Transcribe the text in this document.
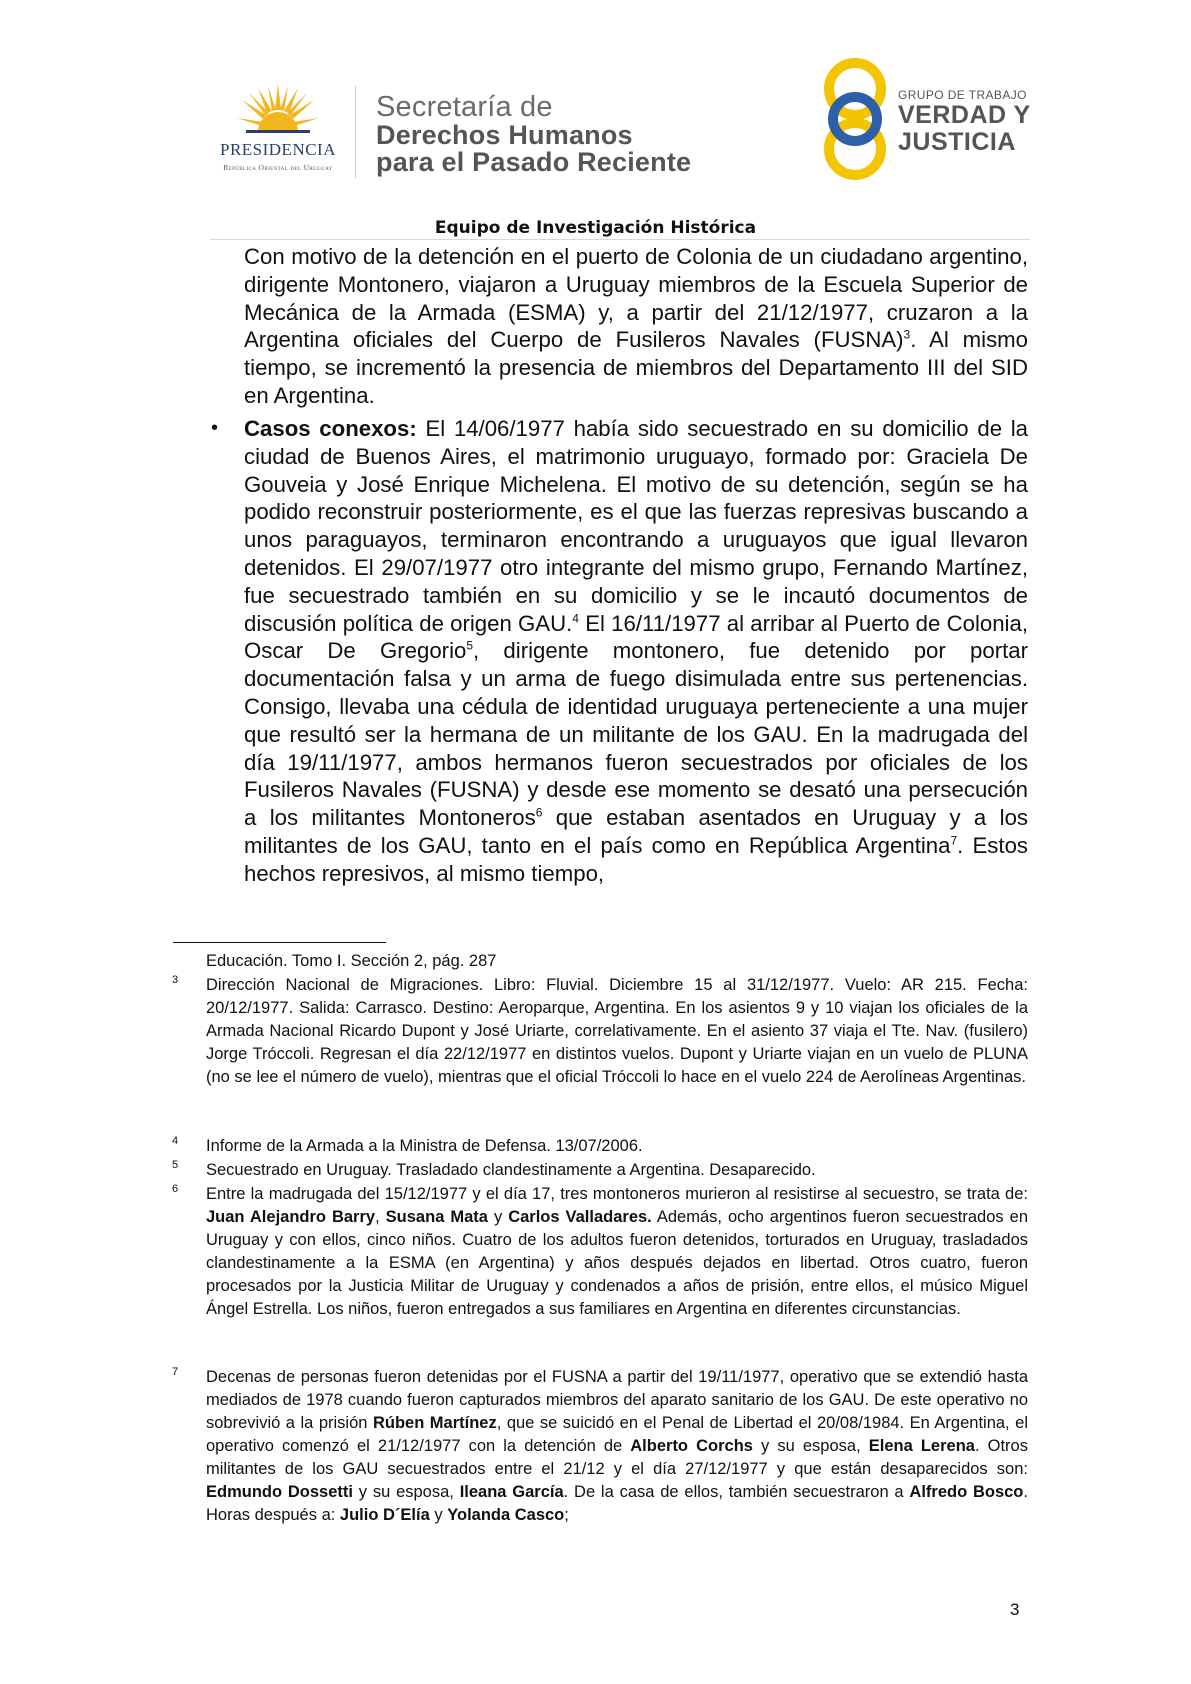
PRESIDENCIA
República Oriental del Uruguay
Secretaría de
Derechos Humanos
para el Pasado Reciente
GRUPO DE TRABAJO
VERDAD Y
JUSTICIA
Equipo de Investigación Histórica

Con motivo de la detención en el puerto de Colonia de un ciudadano argentino, dirigente Montonero, viajaron a Uruguay miembros de la Escuela Superior de Mecánica de la Armada (ESMA) y, a partir del 21/12/1977, cruzaron a la Argentina oficiales del Cuerpo de Fusileros Navales (FUSNA)$^3$. Al mismo tiempo, se incrementó la presencia de miembros del Departamento III del SID en Argentina.

• Casos conexos: El 14/06/1977 había sido secuestrado en su domicilio de la ciudad de Buenos Aires, el matrimonio uruguayo, formado por: Graciela De Gouveia y José Enrique Michelena. El motivo de su detención, según se ha podido reconstruir posteriormente, es el que las fuerzas represivas buscando a unos paraguayos, terminaron encontrando a uruguayos que igual llevaron detenidos. El 29/07/1977 otro integrante del mismo grupo, Fernando Martínez, fue secuestrado también en su domicilio y se le incautó documentos de discusión política de origen GAU.$^4$ El 16/11/1977 al arribar al Puerto de Colonia, Oscar De Gregorio$^5$, dirigente montonero, fue detenido por portar documentación falsa y un arma de fuego disimulada entre sus pertenencias. Consigo, llevaba una cédula de identidad uruguaya perteneciente a una mujer que resultó ser la hermana de un militante de los GAU. En la madrugada del día 19/11/1977, ambos hermanos fueron secuestrados por oficiales de los Fusileros Navales (FUSNA) y desde ese momento se desató una persecución a los militantes Montoneros$^6$ que estaban asentados en Uruguay y a los militantes de los GAU, tanto en el país como en República Argentina$^7$. Estos hechos represivos, al mismo tiempo,

Educación. Tomo I. Sección 2, pág. 287
3 Dirección Nacional de Migraciones. Libro: Fluvial. Diciembre 15 al 31/12/1977. Vuelo: AR 215. Fecha: 20/12/1977. Salida: Carrasco. Destino: Aeroparque, Argentina. En los asientos 9 y 10 viajan los oficiales de la Armada Nacional Ricardo Dupont y José Uriarte, correlativamente. En el asiento 37 viaja el Tte. Nav. (fusilero) Jorge Tróccoli. Regresan el día 22/12/1977 en distintos vuelos. Dupont y Uriarte viajan en un vuelo de PLUNA (no se lee el número de vuelo), mientras que el oficial Tróccoli lo hace en el vuelo 224 de Aerolíneas Argentinas.
4 Informe de la Armada a la Ministra de Defensa. 13/07/2006.
5 Secuestrado en Uruguay. Trasladado clandestinamente a Argentina. Desaparecido.
6 Entre la madrugada del 15/12/1977 y el día 17, tres montoneros murieron al resistirse al secuestro, se trata de: Juan Alejandro Barry, Susana Mata y Carlos Valladares. Además, ocho argentinos fueron secuestrados en Uruguay y con ellos, cinco niños. Cuatro de los adultos fueron detenidos, torturados en Uruguay, trasladados clandestinamente a la ESMA (en Argentina) y años después dejados en libertad. Otros cuatro, fueron procesados por la Justicia Militar de Uruguay y condenados a años de prisión, entre ellos, el músico Miguel Ángel Estrella. Los niños, fueron entregados a sus familiares en Argentina en diferentes circunstancias.
7 Decenas de personas fueron detenidas por el FUSNA a partir del 19/11/1977, operativo que se extendió hasta mediados de 1978 cuando fueron capturados miembros del aparato sanitario de los GAU. De este operativo no sobrevivió a la prisión Rúben Martínez, que se suicidó en el Penal de Libertad el 20/08/1984. En Argentina, el operativo comenzó el 21/12/1977 con la detención de Alberto Corchs y su esposa, Elena Lerena. Otros militantes de los GAU secuestrados entre el 21/12 y el día 27/12/1977 y que están desaparecidos son: Edmundo Dossetti y su esposa, Ileana García. De la casa de ellos, también secuestraron a Alfredo Bosco. Horas después a: Julio D´Elía y Yolanda Casco;
3
